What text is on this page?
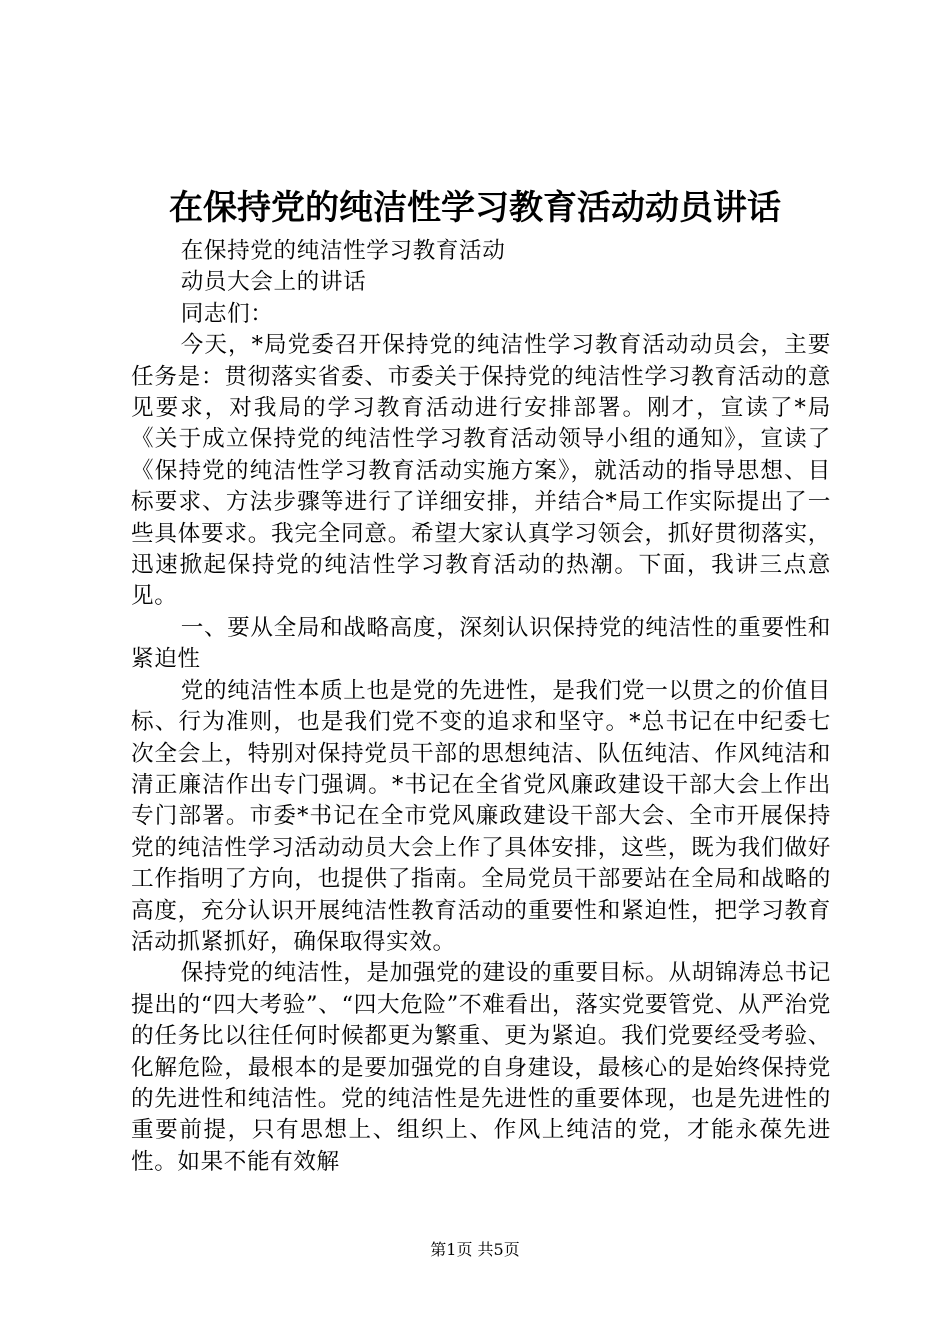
在保持党的纯洁性学习教育活动动员讲话

在保持党的纯洁性学习教育活动

动员大会上的讲话

同志们：

今天，*局党委召开保持党的纯洁性学习教育活动动员会，主要任务是：贯彻落实省委、市委关于保持党的纯洁性学习教育活动的意见要求，对我局的学习教育活动进行安排部署。刚才，宣读了*局《关于成立保持党的纯洁性学习教育活动领导小组的通知》，宣读了《保持党的纯洁性学习教育活动实施方案》，就活动的指导思想、目标要求、方法步骤等进行了详细安排，并结合*局工作实际提出了一些具体要求。我完全同意。希望大家认真学习领会，抓好贯彻落实，迅速掀起保持党的纯洁性学习教育活动的热潮。下面，我讲三点意见。

一、要从全局和战略高度，深刻认识保持党的纯洁性的重要性和紧迫性

党的纯洁性本质上也是党的先进性，是我们党一以贯之的价值目标、行为准则，也是我们党不变的追求和坚守。*总书记在中纪委七次全会上，特别对保持党员干部的思想纯洁、队伍纯洁、作风纯洁和清正廉洁作出专门强调。*书记在全省党风廉政建设干部大会上作出专门部署。市委*书记在全市党风廉政建设干部大会、全市开展保持党的纯洁性学习活动动员大会上作了具体安排，这些，既为我们做好工作指明了方向，也提供了指南。全局党员干部要站在全局和战略的高度，充分认识开展纯洁性教育活动的重要性和紧迫性，把学习教育活动抓紧抓好，确保取得实效。

保持党的纯洁性，是加强党的建设的重要目标。从胡锦涛总书记提出的“四大考验”、“四大危险”不难看出，落实党要管党、从严治党的任务比以往任何时候都更为繁重、更为紧迫。我们党要经受考验、化解危险，最根本的是要加强党的自身建设，最核心的是始终保持党的先进性和纯洁性。党的纯洁性是先进性的重要体现，也是先进性的重要前提，只有思想上、组织上、作风上纯洁的党，才能永葆先进性。如果不能有效解

第1页 共5页
